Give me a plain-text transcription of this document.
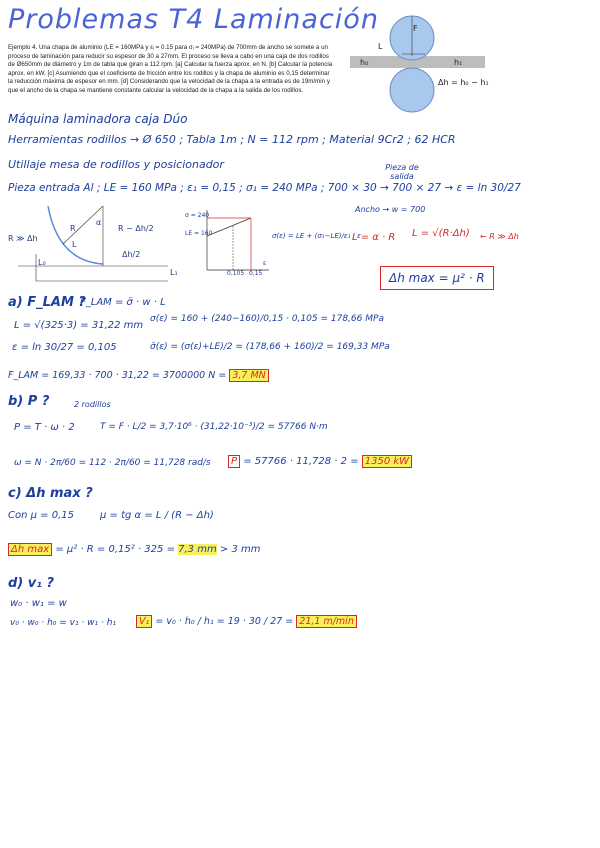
Problemas T4 Laminación
Ejemplo 4. Una chapa de aluminio (LE = 160MPa y εᵢ = 0.15 para σᵢ = 240MPa) de 700mm de ancho se somete a un proceso de laminación para reducir su espesor de 30 a 27mm. El proceso se lleva a cabo en una caja de dos rodillos de Ø650mm de diámetro y 1m de tabla que giran a 112 rpm. [a] Calcular la fuerza aprox. en N. [b] Calcular la potencia aprox. en kW. [c] Asumiendo que el coeficiente de fricción entre los rodillos y la chapa de aluminio es 0,15 determinar la reducción máxima de espesor en mm. [d] Considerando que la velocidad de la chapa a la entrada es de 19m/min y que el ancho de la chapa se mantiene constante calcular la velocidad de la chapa a la salida de los rodillos.
L
F
h₀	h₁
Δh = h₀ − h₁
Máquina laminadora caja Dúo
Herramientas rodillos → Ø 650 ; Tabla 1m ; N = 112 rpm ; Material 9Cr2 ; 62 HCR
Utillaje mesa de rodillos y posicionador	Pieza de salida
Pieza entrada Al ; LE = 160 MPa ; ε₁ = 0,15 ; σ₁ = 240 MPa ; 700 × 30 → 700 × 27 → ε = ln 30/27
Ancho → w = 700
R ≫ Δh
R
α
L
R − Δh/2
Δh/2
L₀
L₁
σ = 240
LE = 160
0,105 0,15
ε
σ(ε) = LE + (σ₁−LE)/ε₁ · ε
L = α · R L = √(R·Δh) ← R ≫ Δh
Δh max = μ² · R
a) F_LAM ?
F_LAM = σ̄ · w · L
L = √(325·3) = 31,22 mm
ε = ln 30/27 = 0,105
σ(ε) = 160 + (240−160)/0,15 · 0,105 = 178,66 MPa
σ̄(ε) = (σ(ε)+LE)/2 = (178,66 + 160)/2 = 169,33 MPa
F_LAM = 169,33 · 700 · 31,22 = 3700000 N = 3,7 MN
b) P ?	2 rodillos
P = T · ω · 2	T = F · L/2 = 3,7·10⁶ · (31,22·10⁻³)/2 = 57766 N·m
ω = N · 2π/60 = 112 · 2π/60 = 11,728 rad/s	P = 57766 · 11,728 · 2 = 1350 kW
c) Δh max ?
Con μ = 0,15	μ = tg α = L / (R − Δh)
Δh max = μ² · R = 0,15² · 325 = 7,3 mm > 3 mm
d) v₁ ?
w₀ · w₁ = w
v₀ · w₀ · h₀ = v₁ · w₁ · h₁	V₁ = v₀ · h₀ / h₁ = 19 · 30 / 27 = 21,1 m/min
